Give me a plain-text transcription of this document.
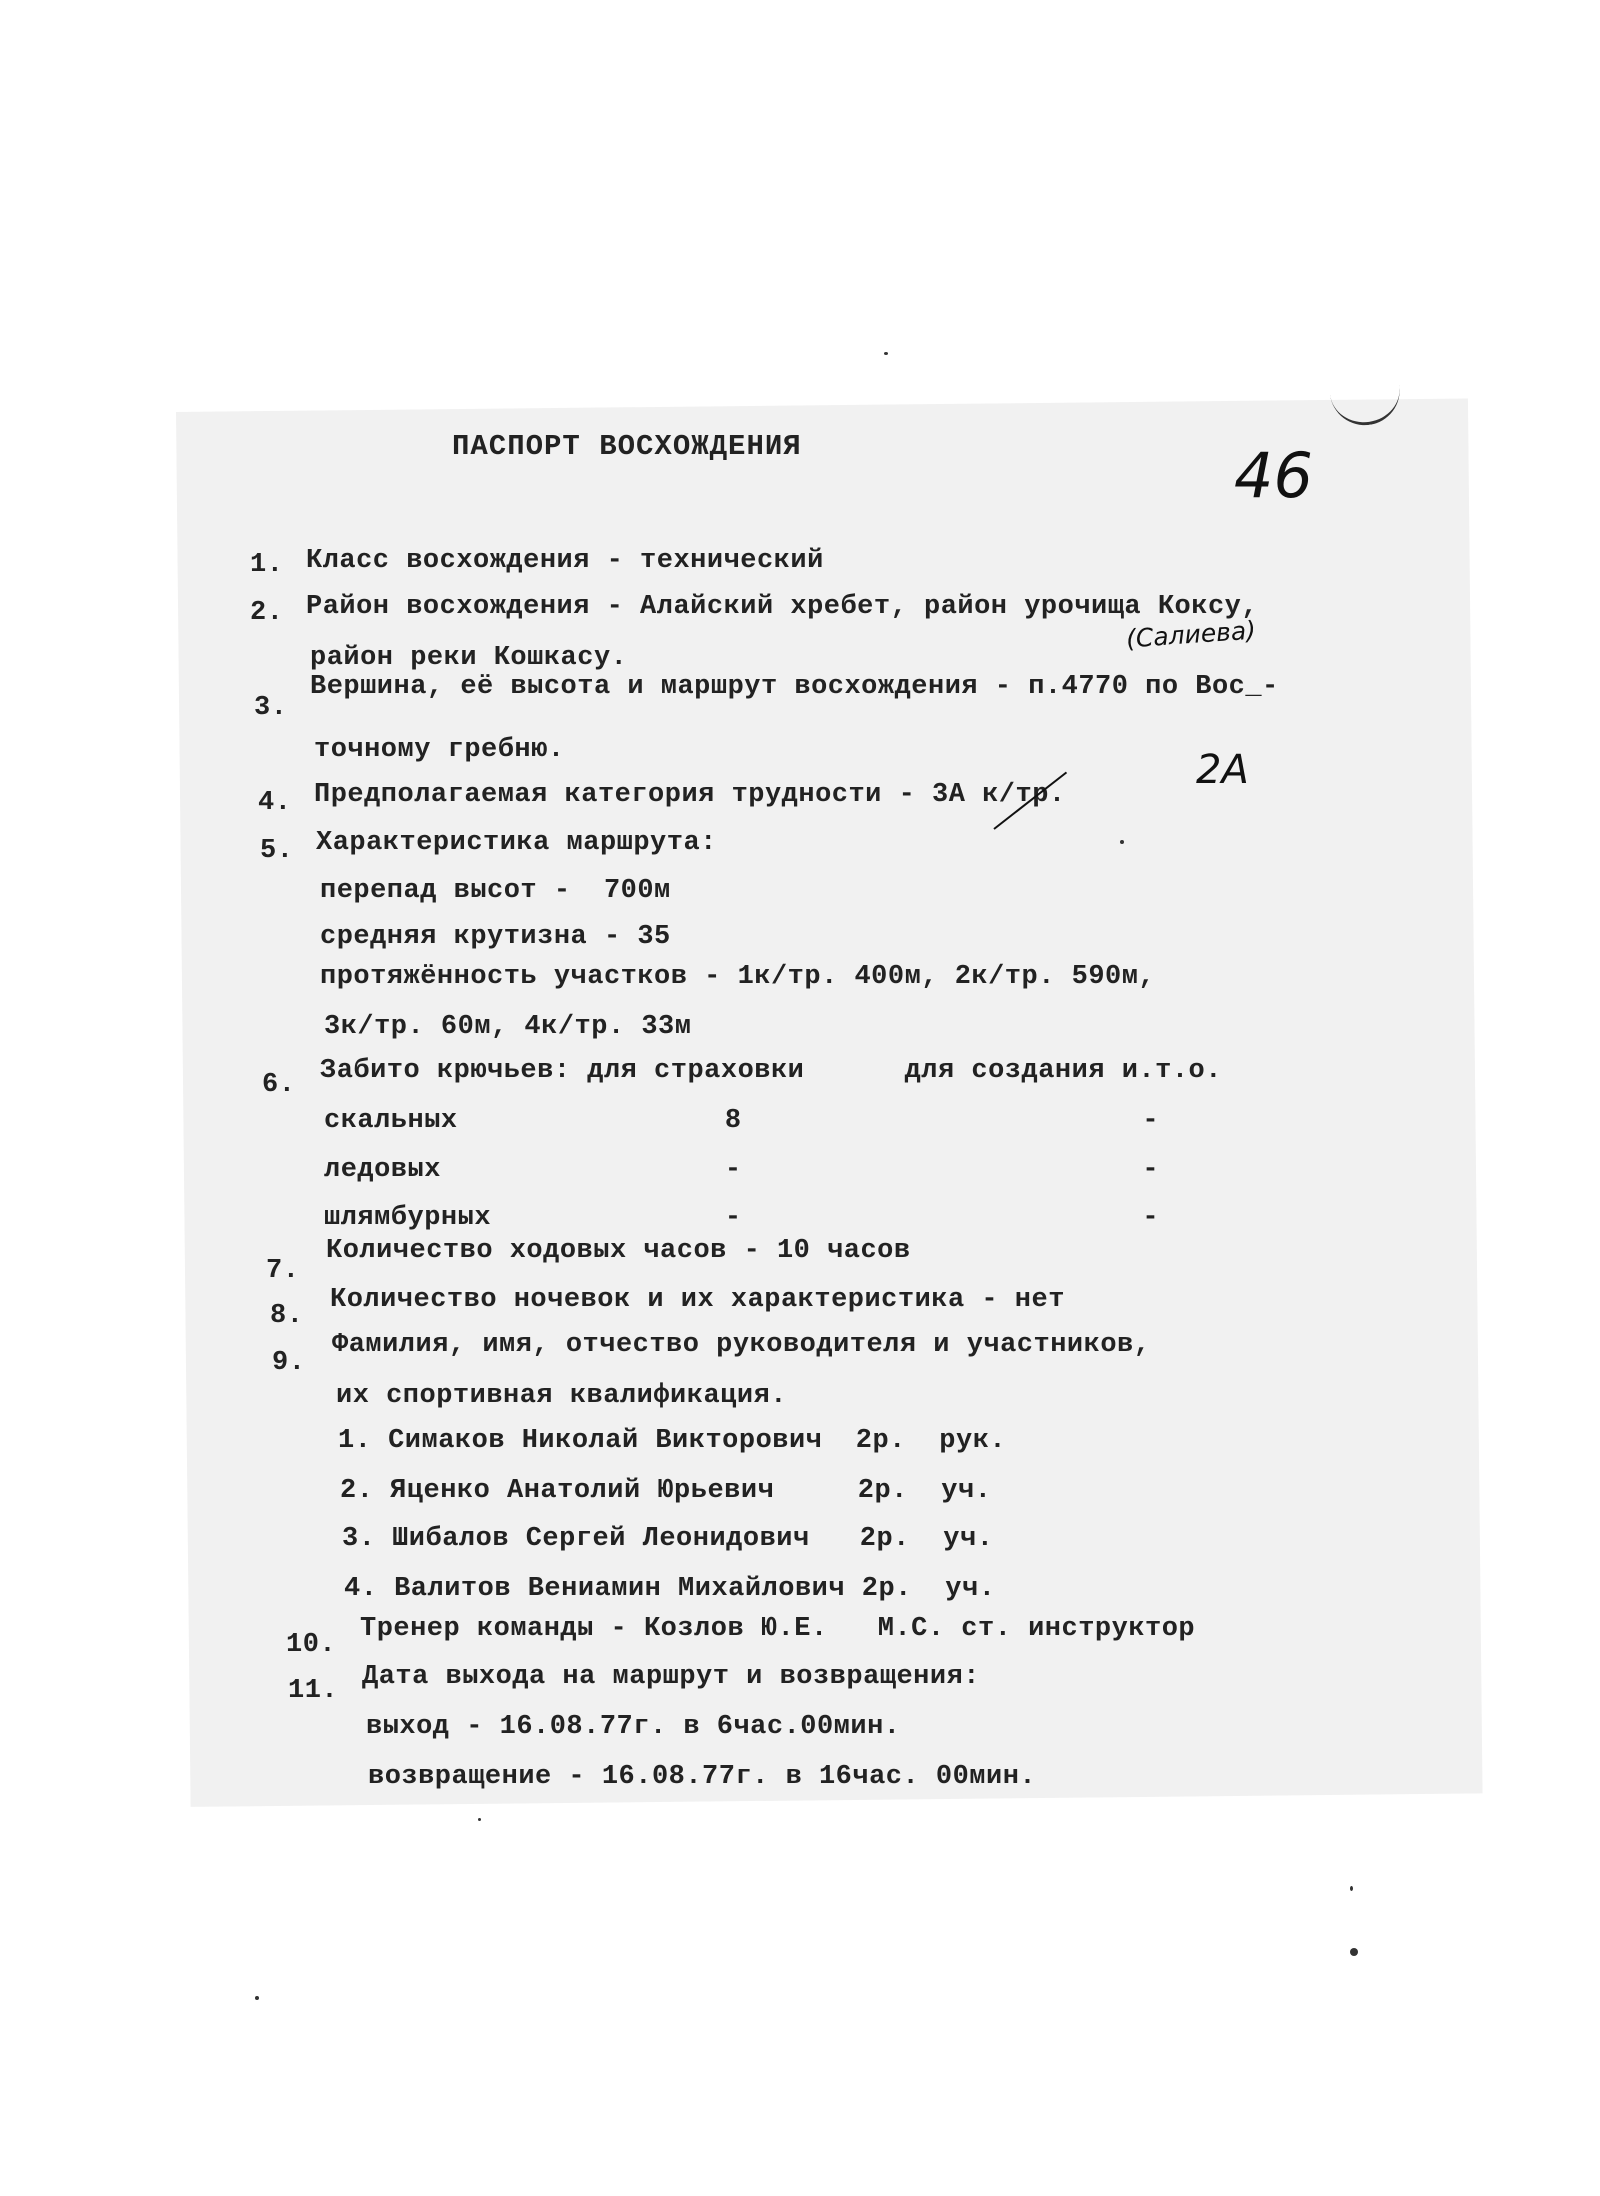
ПАСПОРТ ВОСХОЖДЕНИЯ	46
1. Класс восхождения - технический
2. Район восхождения - Алайский хребет, район урочища Коксу,
район реки Кошкасу.
(Салиева)
3.
Вершина, её высота и маршрут восхождения - п.4770 по Вос_-
точному гребню.
4. Предполагаемая категория трудности - 3А к/тр.
2А
5. Характеристика маршрута:
перепад высот -  700м
средняя крутизна - 35
протяжённость участков - 1к/тр. 400м, 2к/тр. 590м,
3к/тр. 60м, 4к/тр. 33м
6. Забито крючьев: для страховки      для создания и.т.о.
скальных                8                        -
ледовых                 -                        -
шлямбурных              -                        -
7.
Количество ходовых часов - 10 часов
8.
Количество ночевок и их характеристика - нет
9.
Фамилия, имя, отчество руководителя и участников,
их спортивная квалификация.
1. Симаков Николай Викторович  2р.  рук.
2. Яценко Анатолий Юрьевич     2р.  уч.
3. Шибалов Сергей Леонидович   2р.  уч.
4. Валитов Вениамин Михайлович 2р.  уч.
10.
Тренер команды - Козлов Ю.Е.   М.С. ст. инструктор
11. Дата выхода на маршрут и возвращения:
выход - 16.08.77г. в 6час.00мин.
возвращение - 16.08.77г. в 16час. 00мин.
